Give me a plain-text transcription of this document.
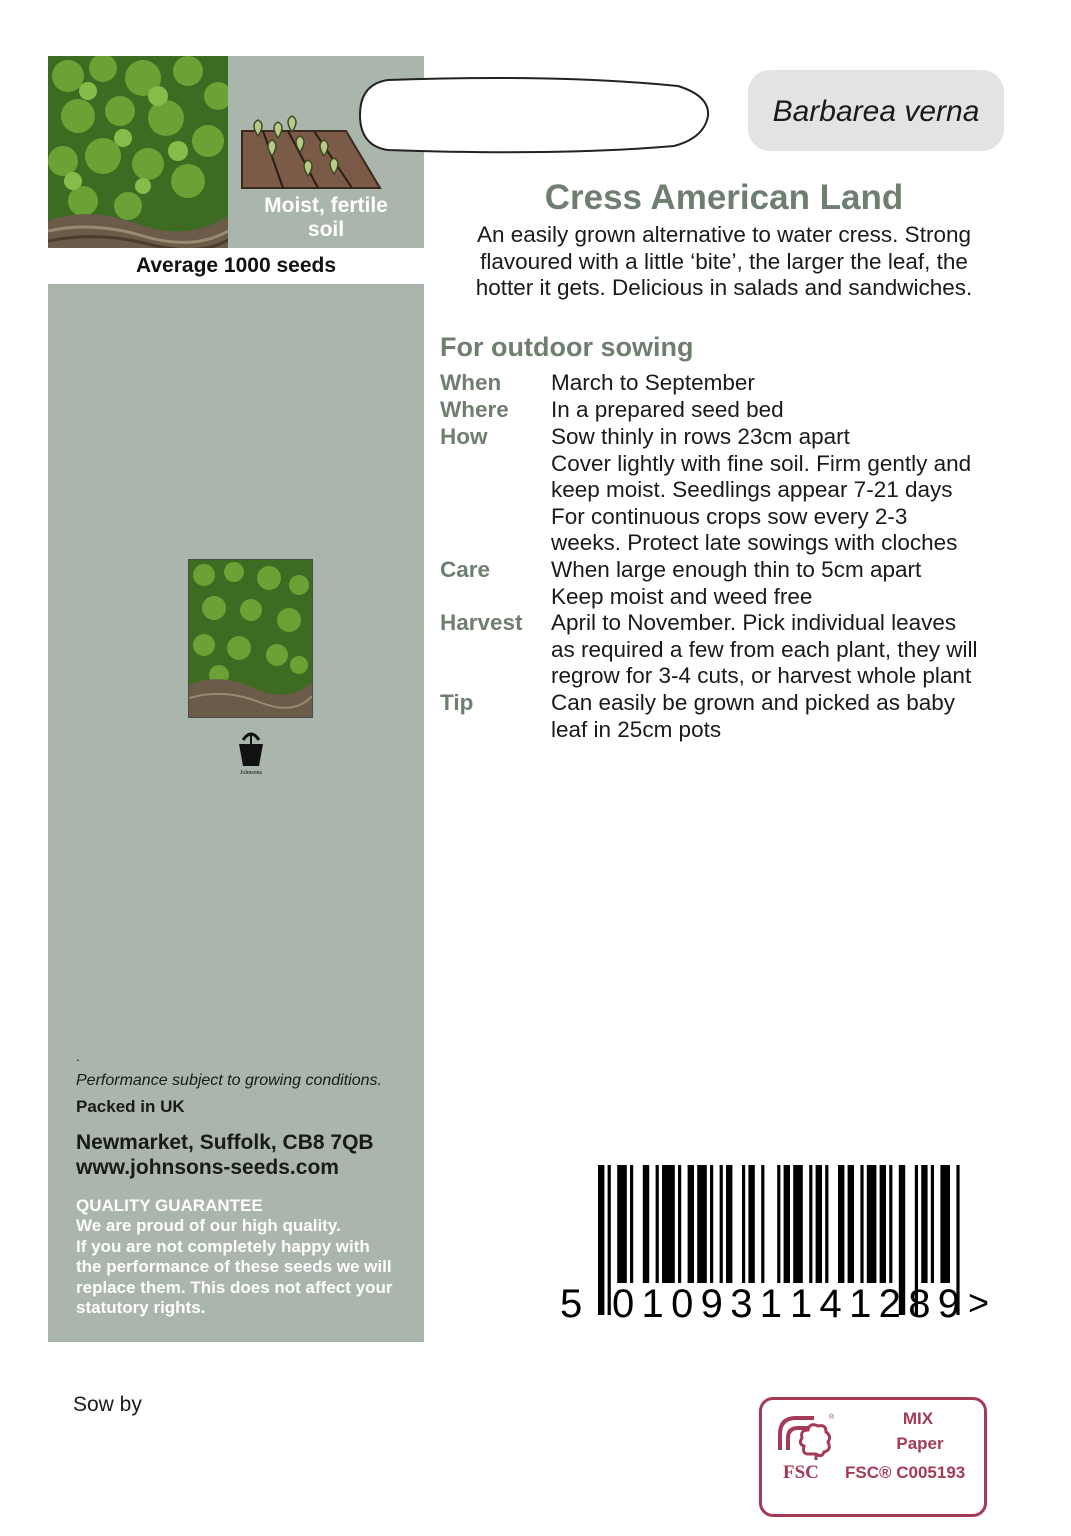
Moist, fertile
soil
Average 1000 seeds
Johnsons
.
Performance subject to growing conditions.
Packed in UK
Newmarket, Suffolk, CB8 7QB
www.johnsons-seeds.com
QUALITY GUARANTEE
We are proud of our high quality.
If you are not completely happy with
the performance of these seeds we will
replace them. This does not affect your
statutory rights.
Barbarea verna
Cress American Land
An easily grown alternative to water cress. Strong
flavoured with a little ‘bite’, the larger the leaf, the
hotter it gets. Delicious in salads and sandwiches.
For outdoor sowing
When March to September
Where In a prepared seed bed
How	Sow thinly in rows 23cm apart
Cover lightly with fine soil. Firm gently and
keep moist. Seedlings appear 7-21 days
For continuous crops sow every 2-3
weeks. Protect late sowings with cloches
Care	When large enough thin to 5cm apart
Keep moist and weed free
Harvest April to November. Pick individual leaves
as required a few from each plant, they will
regrow for 3-4 cuts, or harvest whole plant
Tip	Can easily be grown and picked as baby
leaf in 25cm pots
5 010931 141289 >
Sow by
®
FSC
MIX
Paper
FSC® C005193
